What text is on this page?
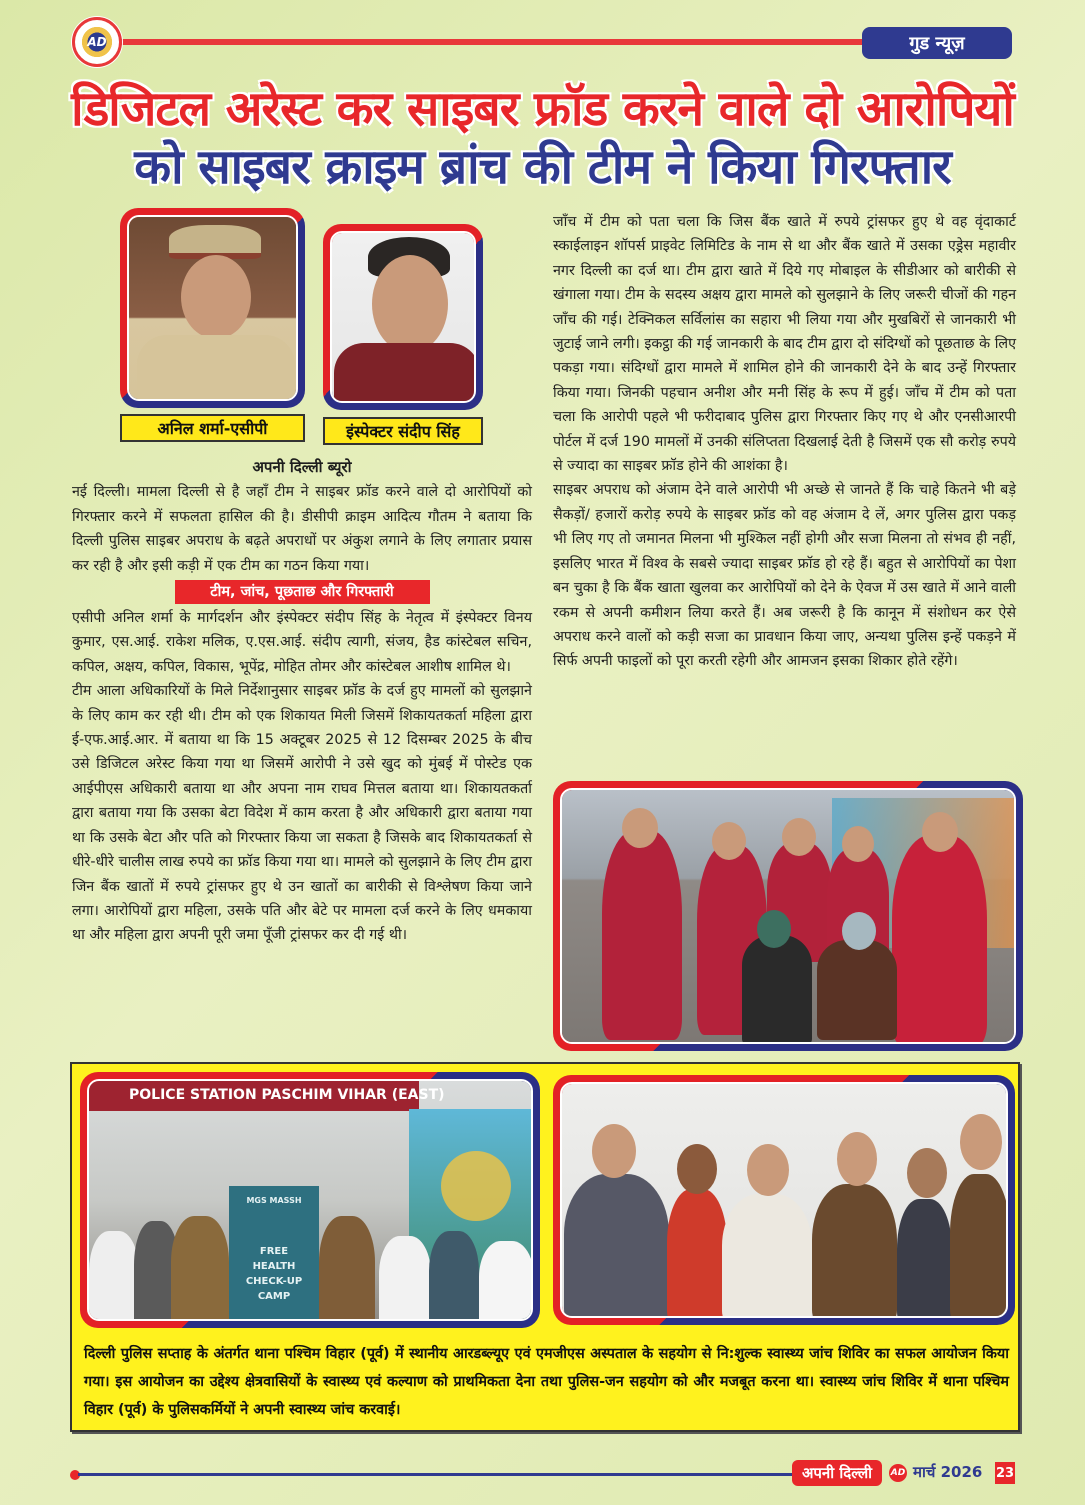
AD	गुड न्यूज़
डिजिटल अरेस्ट कर साइबर फ्रॉड करने वाले दो आरोपियों
को साइबर क्राइम ब्रांच की टीम ने किया गिरफ्तार
अनिल शर्मा-एसीपी	इंस्पेक्टर संदीप सिंह
अपनी दिल्ली ब्यूरो

नई दिल्ली। मामला दिल्ली से है जहाँ टीम ने साइबर फ्रॉड करने वाले दो आरोपियों को गिरफ्तार करने में सफलता हासिल की है। डीसीपी क्राइम आदित्य गौतम ने बताया कि दिल्ली पुलिस साइबर अपराध के बढ़ते अपराधों पर अंकुश लगाने के लिए लगातार प्रयास कर रही है और इसी कड़ी में एक टीम का गठन किया गया।

टीम, जांच, पूछताछ और गिरफ्तारी

एसीपी अनिल शर्मा के मार्गदर्शन और इंस्पेक्टर संदीप सिंह के नेतृत्व में इंस्पेक्टर विनय कुमार, एस.आई. राकेश मलिक, ए.एस.आई. संदीप त्यागी, संजय, हैड कांस्टेबल सचिन, कपिल, अक्षय, कपिल, विकास, भूपेंद्र, मोहित तोमर और कांस्टेबल आशीष शामिल थे।

टीम आला अधिकारियों के मिले निर्देशानुसार साइबर फ्रॉड के दर्ज हुए मामलों को सुलझाने के लिए काम कर रही थी। टीम को एक शिकायत मिली जिसमें शिकायतकर्ता महिला द्वारा ई-एफ.आई.आर. में बताया था कि 15 अक्टूबर 2025 से 12 दिसम्बर 2025 के बीच उसे डिजिटल अरेस्ट किया गया था जिसमें आरोपी ने उसे खुद को मुंबई में पोस्टेड एक आईपीएस अधिकारी बताया था और अपना नाम राघव मित्तल बताया था। शिकायतकर्ता द्वारा बताया गया कि उसका बेटा विदेश में काम करता है और अधिकारी द्वारा बताया गया था कि उसके बेटा और पति को गिरफ्तार किया जा सकता है जिसके बाद शिकायतकर्ता से धीरे-धीरे चालीस लाख रुपये का फ्रॉड किया गया था। मामले को सुलझाने के लिए टीम द्वारा जिन बैंक खातों में रुपये ट्रांसफर हुए थे उन खातों का बारीकी से विश्लेषण किया जाने लगा। आरोपियों द्वारा महिला, उसके पति और बेटे पर मामला दर्ज करने के लिए धमकाया था और महिला द्वारा अपनी पूरी जमा पूँजी ट्रांसफर कर दी गई थी।

जाँच में टीम को पता चला कि जिस बैंक खाते में रुपये ट्रांसफर हुए थे वह वृंदाकार्ट स्काईलाइन शॉपर्स प्राइवेट लिमिटिड के नाम से था और बैंक खाते में उसका एड्रेस महावीर नगर दिल्ली का दर्ज था। टीम द्वारा खाते में दिये गए मोबाइल के सीडीआर को बारीकी से खंगाला गया। टीम के सदस्य अक्षय द्वारा मामले को सुलझाने के लिए जरूरी चीजों की गहन जाँच की गई। टेक्निकल सर्विलांस का सहारा भी लिया गया और मुखबिरों से जानकारी भी जुटाई जाने लगी। इकट्ठा की गई जानकारी के बाद टीम द्वारा दो संदिग्धों को पूछताछ के लिए पकड़ा गया। संदिग्धों द्वारा मामले में शामिल होने की जानकारी देने के बाद उन्हें गिरफ्तार किया गया। जिनकी पहचान अनीश और मनी सिंह के रूप में हुई। जाँच में टीम को पता चला कि आरोपी पहले भी फरीदाबाद पुलिस द्वारा गिरफ्तार किए गए थे और एनसीआरपी पोर्टल में दर्ज 190 मामलों में उनकी संलिप्तता दिखलाई देती है जिसमें एक सौ करोड़ रुपये से ज्यादा का साइबर फ्रॉड होने की आशंका है।

साइबर अपराध को अंजाम देने वाले आरोपी भी अच्छे से जानते हैं कि चाहे कितने भी बड़े सैकड़ों/ हजारों करोड़ रुपये के साइबर फ्रॉड को वह अंजाम दे लें, अगर पुलिस द्वारा पकड़ भी लिए गए तो जमानत मिलना भी मुश्किल नहीं होगी और सजा मिलना तो संभव ही नहीं, इसलिए भारत में विश्व के सबसे ज्यादा साइबर फ्रॉड हो रहे हैं। बहुत से आरोपियों का पेशा बन चुका है कि बैंक खाता खुलवा कर आरोपियों को देने के ऐवज में उस खाते में आने वाली रकम से अपनी कमीशन लिया करते हैं। अब जरूरी है कि कानून में संशोधन कर ऐसे अपराध करने वालों को कड़ी सजा का प्रावधान किया जाए, अन्यथा पुलिस इन्हें पकड़ने में सिर्फ अपनी फाइलों को पूरा करती रहेगी और आमजन इसका शिकार होते रहेंगे।

POLICE STATION PASCHIM VIHAR (EAST)
MGS MASSH
FREE
HEALTH
CHECK-UP
CAMP
दिल्ली पुलिस सप्ताह के अंतर्गत थाना पश्चिम विहार (पूर्व) में स्थानीय आरडब्ल्यूए एवं एमजीएस अस्पताल के सहयोग से नि:शुल्क स्वास्थ्य जांच शिविर का सफल आयोजन किया गया। इस आयोजन का उद्देश्य क्षेत्रवासियों के स्वास्थ्य एवं कल्याण को प्राथमिकता देना तथा पुलिस-जन सहयोग को और मजबूत करना था। स्वास्थ्य जांच शिविर में थाना पश्चिम विहार (पूर्व) के पुलिसकर्मियों ने अपनी स्वास्थ्य जांच करवाई।
अपनी दिल्ली	AD मार्च 2026 23
